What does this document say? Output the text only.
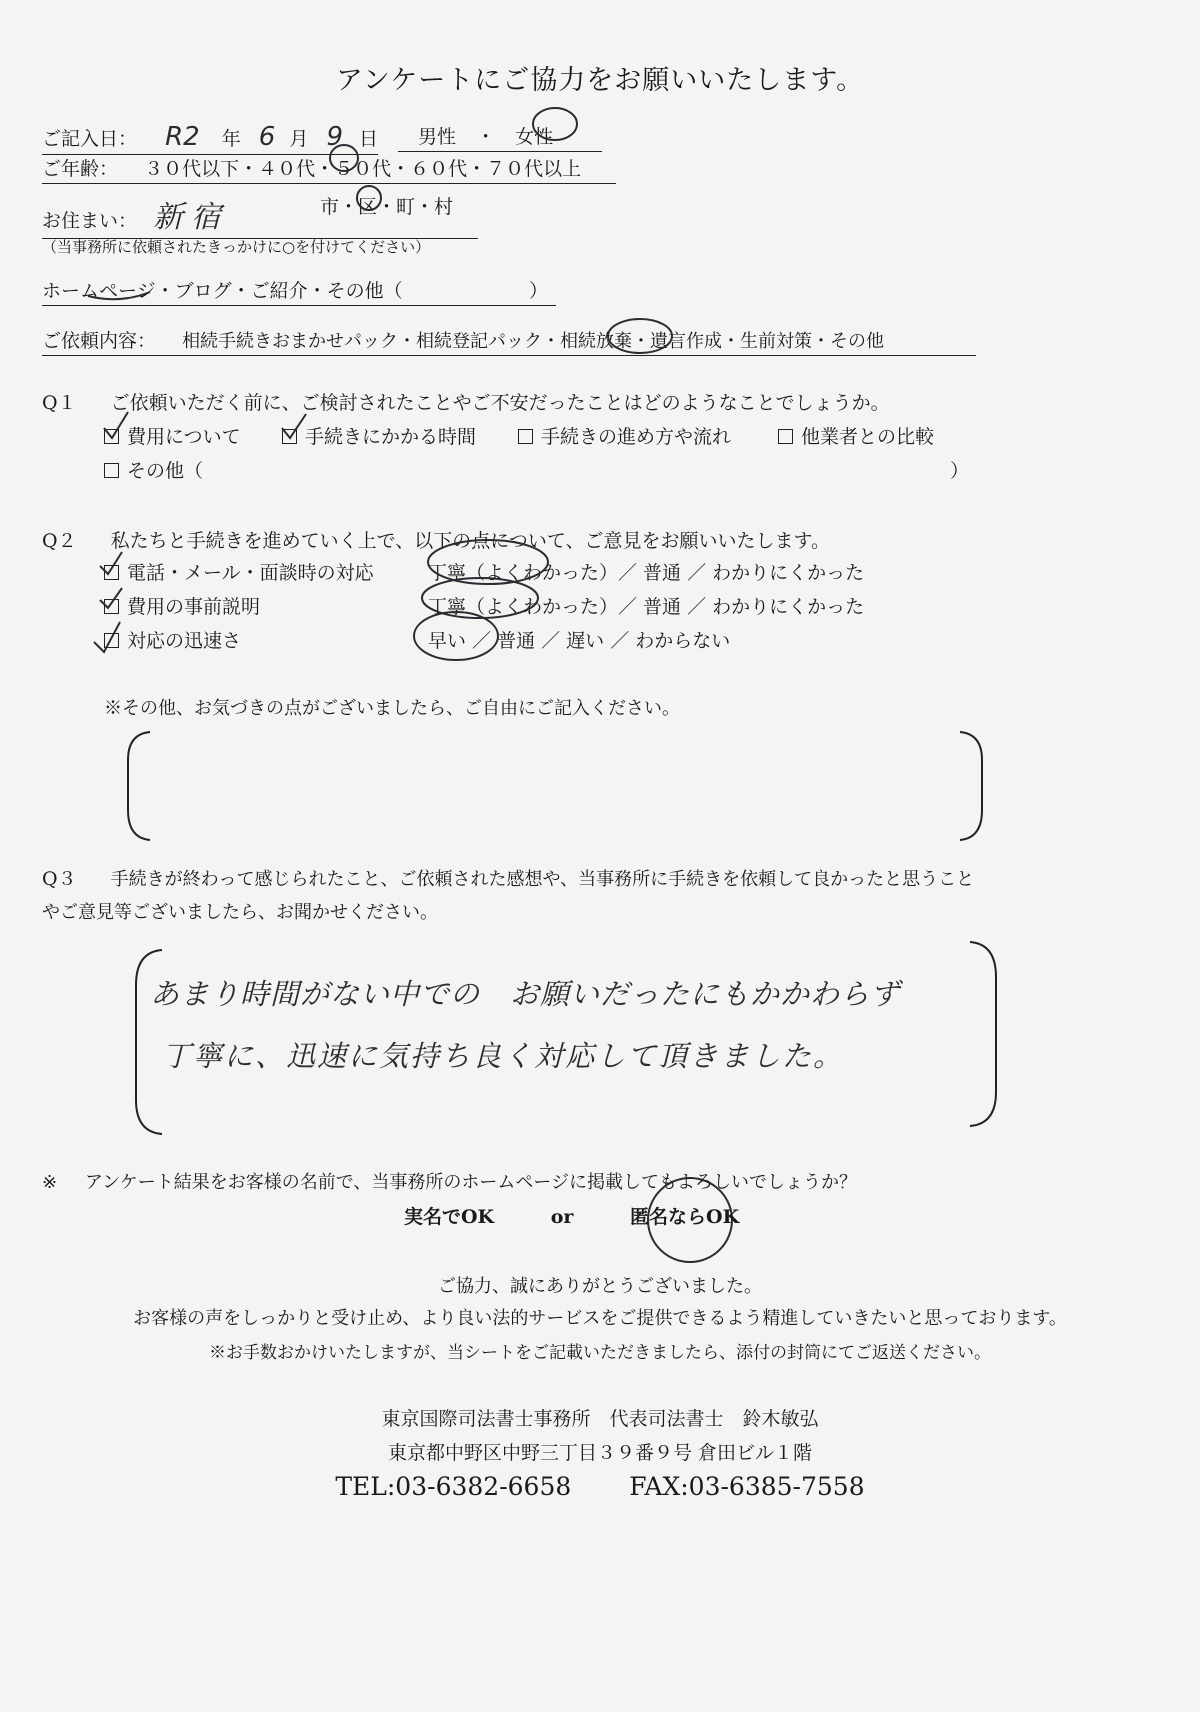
アンケートにご協力をお願いいたします。
ご記入日： R2 年 6 月 9 日	男性 ・ 女性
ご年齢： ３０代以下・４０代・５０代・６０代・７０代以上
お住まい： 新宿	市・区・町・村
（当事務所に依頼されたきっかけに○を付けてください）
ホームページ・ブログ・ご紹介・その他（	）
ご依頼内容： 相続手続きおまかせパック・相続登記パック・相続放棄・遺言作成・生前対策・その他
Q１ ご依頼いただく前に、ご検討されたことやご不安だったことはどのようなことでしょうか。
費用について	手続きにかかる時間	手続きの進め方や流れ	他業者との比較
その他（	）
Q２ 私たちと手続きを進めていく上で、以下の点について、ご意見をお願いいたします。
電話・メール・面談時の対応	丁寧（よくわかった）／ 普通 ／ わかりにくかった
費用の事前説明	丁寧（よくわかった）／ 普通 ／ わかりにくかった
対応の迅速さ	早い ／ 普通 ／ 遅い ／ わからない
※その他、お気づきの点がございましたら、ご自由にご記入ください。
Q３ 手続きが終わって感じられたこと、ご依頼された感想や、当事務所に手続きを依頼して良かったと思うこと
やご意見等ございましたら、お聞かせください。
あまり時間がない中での　お願いだったにもかかわらず
丁寧に、迅速に気持ち良く対応して頂きました。
※ アンケート結果をお客様の名前で、当事務所のホームページに掲載してもよろしいでしょうか？
実名でOK	or	匿名ならOK
ご協力、誠にありがとうございました。
お客様の声をしっかりと受け止め、より良い法的サービスをご提供できるよう精進していきたいと思っております。
※お手数おかけいたしますが、当シートをご記載いただきましたら、添付の封筒にてご返送ください。
東京国際司法書士事務所　代表司法書士　鈴木敏弘
東京都中野区中野三丁目３９番９号 倉田ビル１階
TEL:03-6382-6658 FAX:03-6385-7558
